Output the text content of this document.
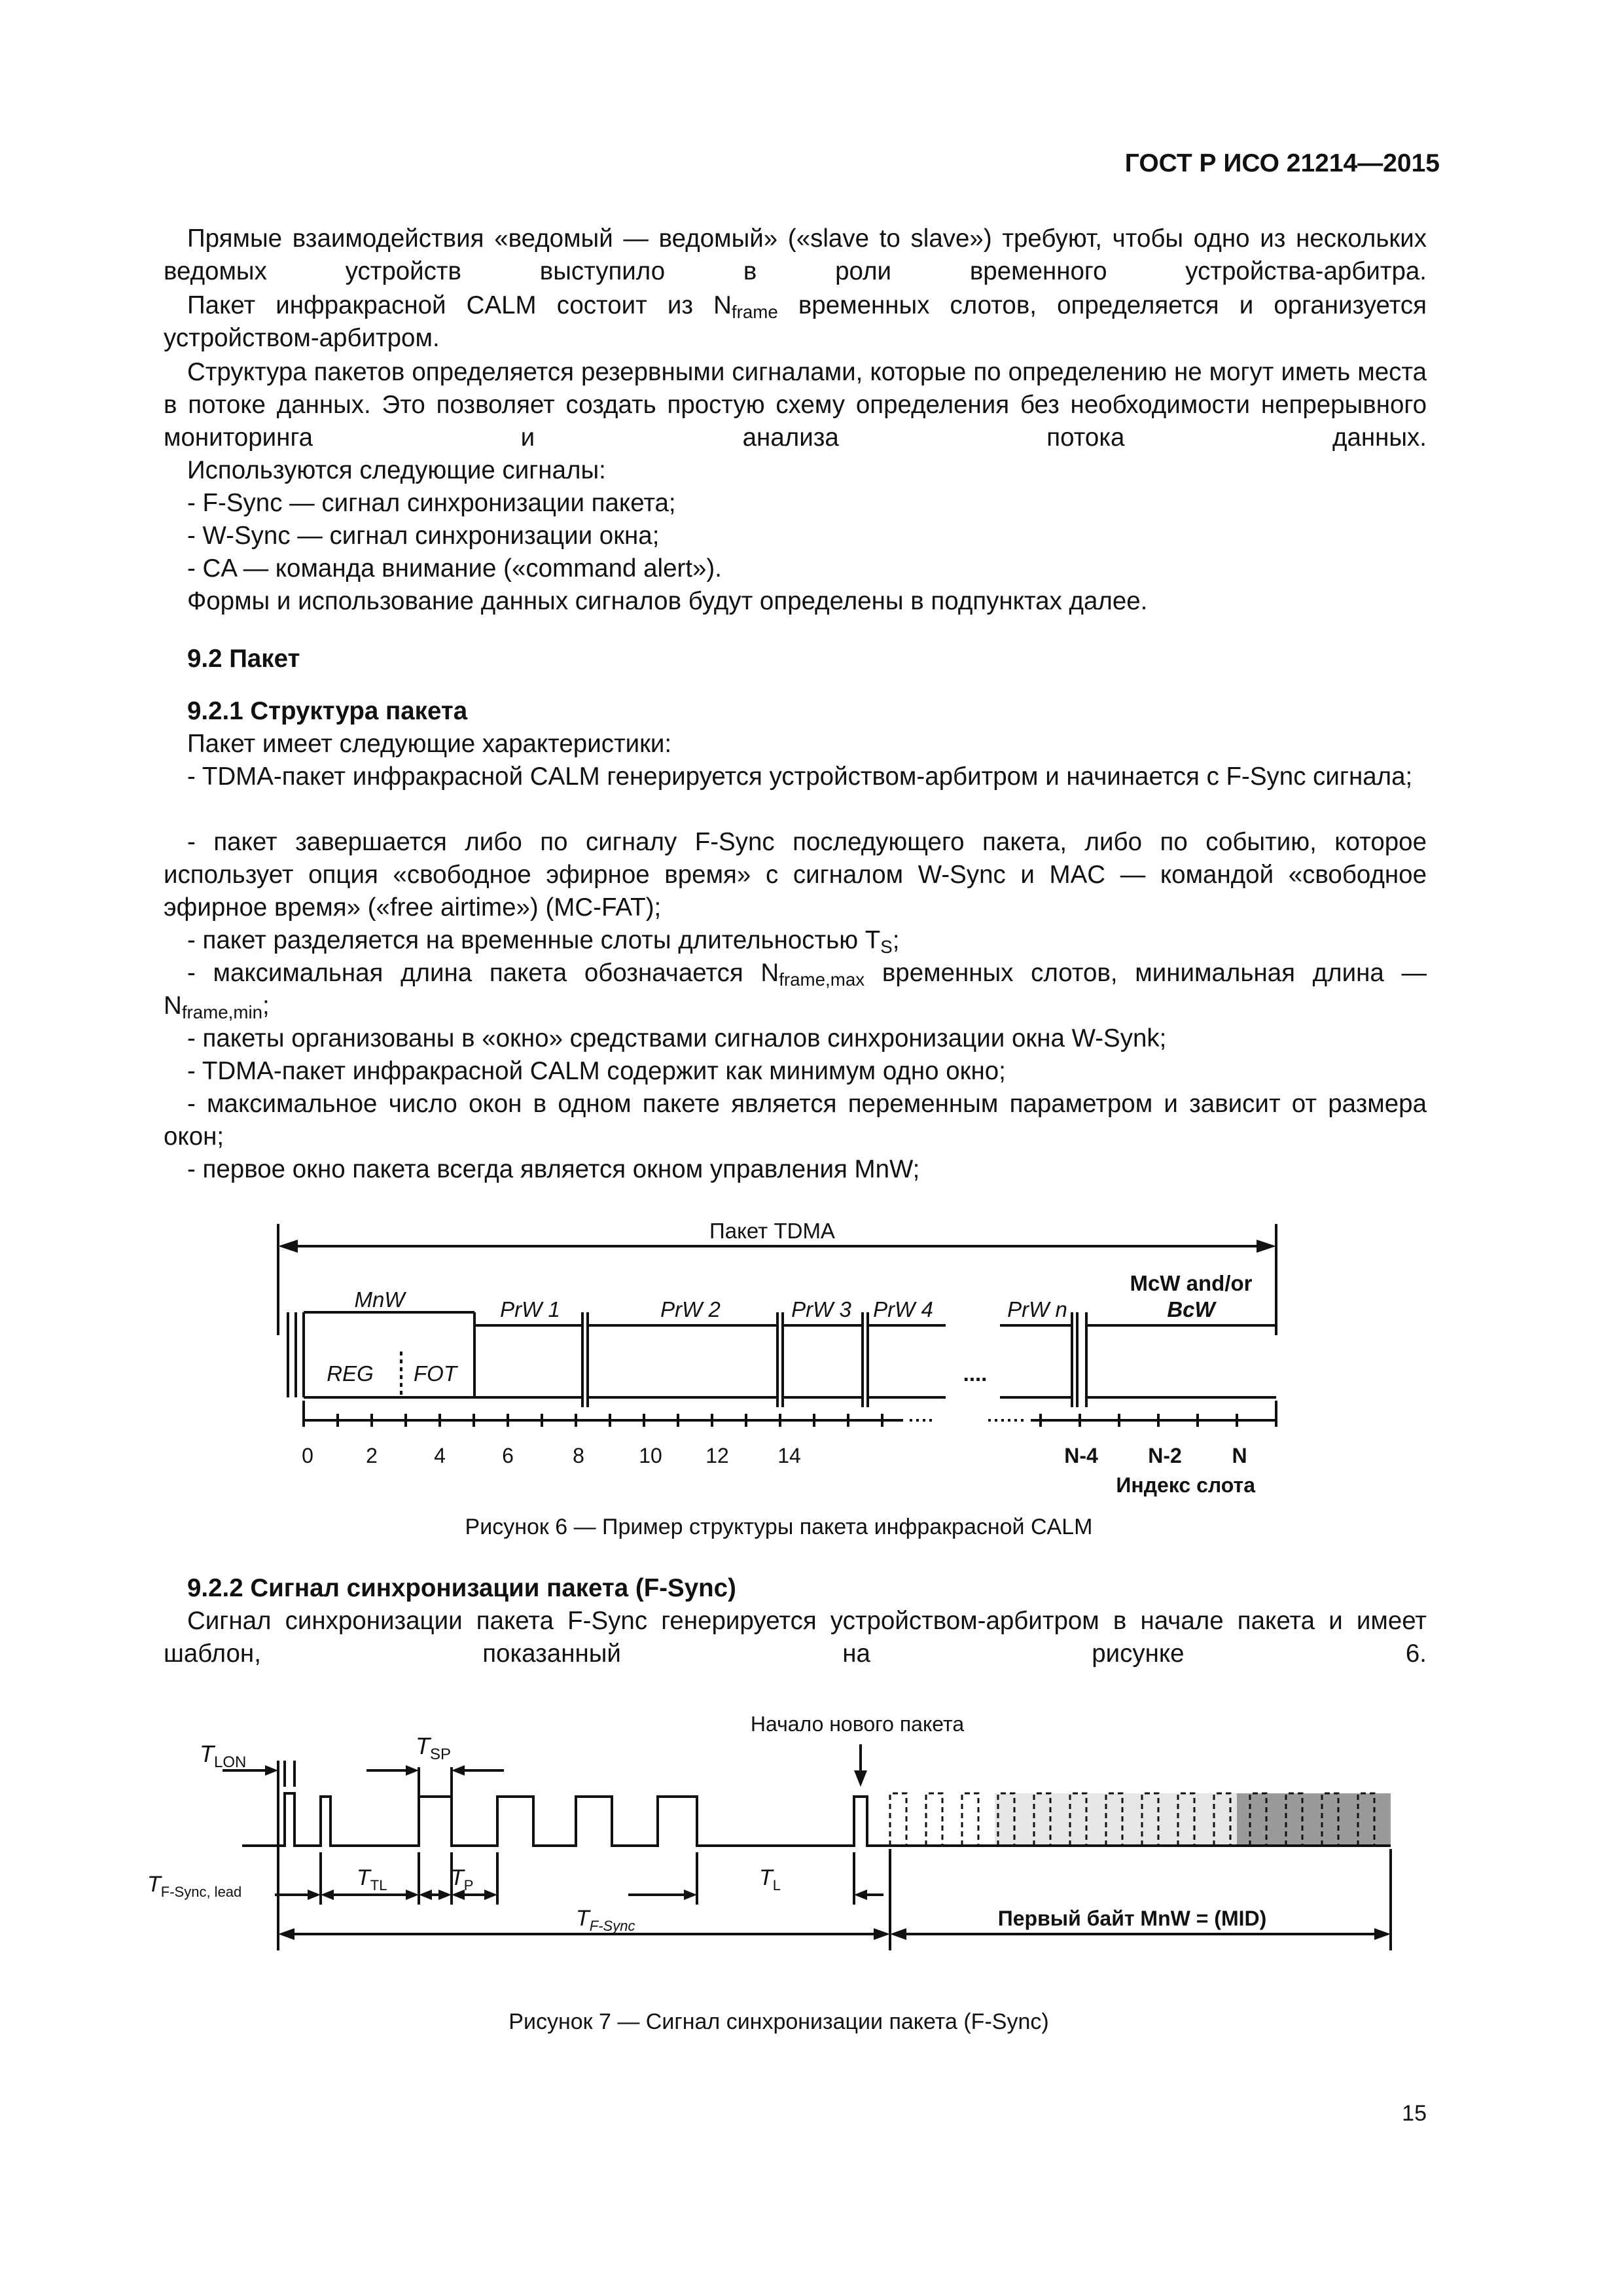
ГОСТ Р ИСО 21214—2015

Прямые взаимодействия «ведомый — ведомый» («slave to slave») требуют, чтобы одно из нескольких ведомых устройств выступило в роли временного устройства-арбитра.

Пакет инфракрасной CALM состоит из $N_{frame}$ временных слотов, определяется и организуется устройством-арбитром.

Структура пакетов определяется резервными сигналами, которые по определению не могут иметь места в потоке данных. Это позволяет создать простую схему определения без необходимости непрерывного мониторинга и анализа потока данных.

Используются следующие сигналы:

- F-Sync — сигнал синхронизации пакета;

- W-Sync — сигнал синхронизации окна;

- CA — команда внимание («command alert»).

Формы и использование данных сигналов будут определены в подпунктах далее.

9.2 Пакет

9.2.1 Структура пакета

Пакет имеет следующие характеристики:

- TDMA-пакет инфракрасной CALM генерируется устройством-арбитром и начинается с F-Sync сигнала;

- пакет завершается либо по сигналу F-Sync последующего пакета, либо по событию, которое использует опция «свободное эфирное время» с сигналом W-Sync и MAC — командой «свободное эфирное время» («free airtime») (MC-FAT);

- пакет разделяется на временные слоты длительностью $T_S$;

- максимальная длина пакета обозначается $N_{frame,max}$ временных слотов, минимальная длина — $N_{frame,min}$;

- пакеты организованы в «окно» средствами сигналов синхронизации окна W-Synk;

- TDMA-пакет инфракрасной CALM содержит как минимум одно окно;

- максимальное число окон в одном пакете является переменным параметром и зависит от размера окон;

- первое окно пакета всегда является окном управления MnW;

Пакет TDMA
MnW	PrW 1	PrW 2	PrW 3 PrW 4	PrW n
McW and/or
BcW
REG FOT	....
0	2	4	6	8	10 12 14	N-4 N-2 N
Индекс слота
Рисунок 6 — Пример структуры пакета инфракрасной CALM

9.2.2 Сигнал синхронизации пакета (F-Sync)

Сигнал синхронизации пакета F-Sync генерируется устройством-арбитром в начале пакета и имеет шаблон, показанный на рисунке 6.

$T_{LON}$
$T_{SP}$
Начало нового пакета
$T_{F-Sync, lead}$
$T_{TL}$	$T_P$	$T_L$
$T_{F-Sync}$	Первый байт MnW = (MID)
Рисунок 7 — Сигнал синхронизации пакета (F-Sync)
15
